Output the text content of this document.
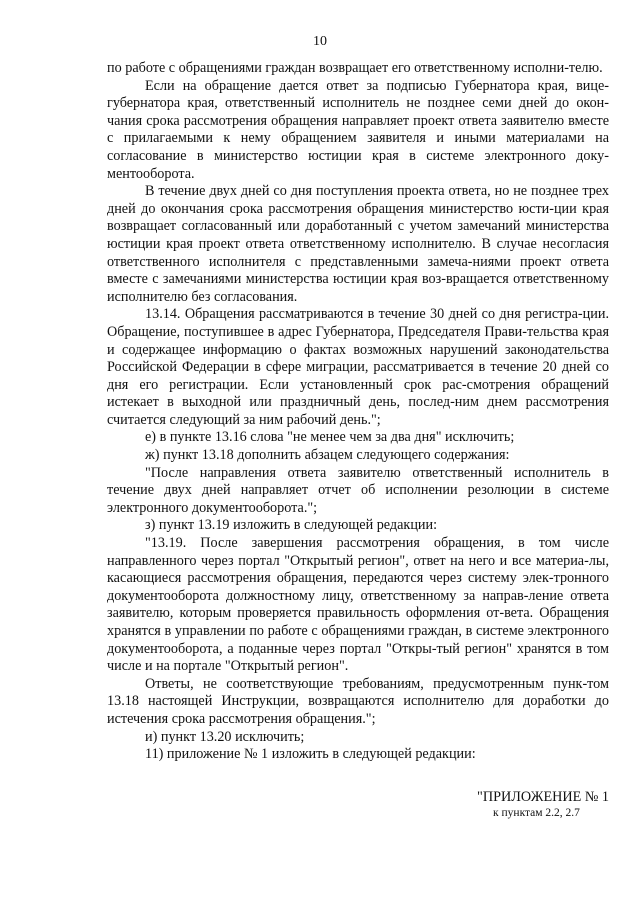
10

по работе с обращениями граждан возвращает его ответственному исполни-телю.

Если на обращение дается ответ за подписью Губернатора края, вице-губернатора края, ответственный исполнитель не позднее семи дней до окон-чания срока рассмотрения обращения направляет проект ответа заявителю вместе с прилагаемыми к нему обращением заявителя и иными материалами на согласование в министерство юстиции края в системе электронного доку-ментооборота.

В течение двух дней со дня поступления проекта ответа, но не позднее трех дней до окончания срока рассмотрения обращения министерство юсти-ции края возвращает согласованный или доработанный с учетом замечаний министерства юстиции края проект ответа ответственному исполнителю. В случае несогласия ответственного исполнителя с представленными замеча-ниями проект ответа вместе с замечаниями министерства юстиции края воз-вращается ответственному исполнителю без согласования.

13.14. Обращения рассматриваются в течение 30 дней со дня регистра-ции. Обращение, поступившее в адрес Губернатора, Председателя Прави-тельства края и содержащее информацию о фактах возможных нарушений законодательства Российской Федерации в сфере миграции, рассматривается в течение 20 дней со дня его регистрации. Если установленный срок рас-смотрения обращений истекает в выходной или праздничный день, послед-ним днем рассмотрения считается следующий за ним рабочий день.";

е) в пункте 13.16 слова "не менее чем за два дня" исключить;

ж) пункт 13.18 дополнить абзацем следующего содержания:

"После направления ответа заявителю ответственный исполнитель в течение двух дней направляет отчет об исполнении резолюции в системе электронного документооборота.";

з) пункт 13.19 изложить в следующей редакции:

"13.19. После завершения рассмотрения обращения, в том числе направленного через портал "Открытый регион", ответ на него и все материа-лы, касающиеся рассмотрения обращения, передаются через систему элек-тронного документооборота должностному лицу, ответственному за направ-ление ответа заявителю, которым проверяется правильность оформления от-вета. Обращения хранятся в управлении по работе с обращениями граждан, в системе электронного документооборота, а поданные через портал "Откры-тый регион" хранятся в том числе и на портале "Открытый регион".

Ответы, не соответствующие требованиям, предусмотренным пунк-том 13.18 настоящей Инструкции, возвращаются исполнителю для доработки до истечения срока рассмотрения обращения.";

и) пункт 13.20 исключить;

11) приложение № 1 изложить в следующей редакции:

"ПРИЛОЖЕНИЕ № 1
к пунктам 2.2, 2.7
